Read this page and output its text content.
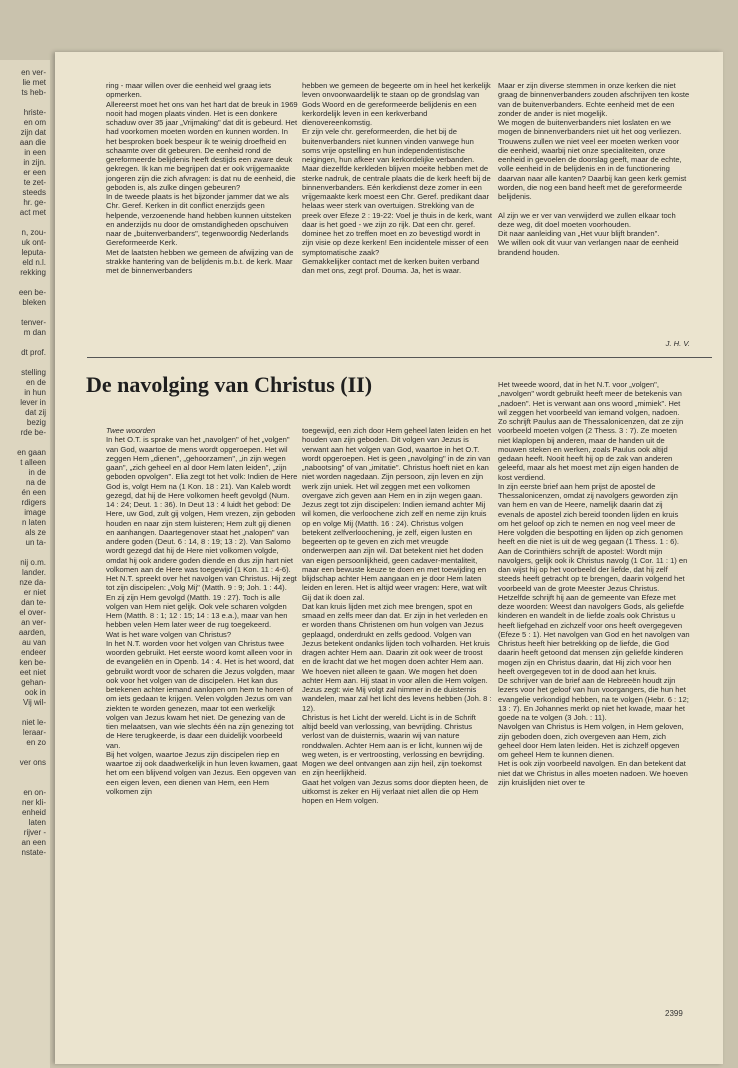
en ver-
lie met
ts heb-
hriste-
en om
zijn dat
aan die
in een
in zijn.
er een
te zet-
steeds
hr. ge-
act met
n, zou-
uk ont-
leputa-
eld n.l.
rekking
een be-
bleken
tenver-
m dan
dt prof.
stelling
en de
in hun
lever in
dat zij
bezig
rde be-
en gaan
t alleen
in de
na de
én een
rdigers
image
n laten
als ze
un ta-
nij o.m.
lander.
nze da-
er niet
dan te-
el over-
an ver-
aarden,
au van
endeer
ken be-
eet niet
gehan-
ook in
Vij wil-
niet le-
leraar-
en zo
ver ons
en on-
ner kli-
enheid
laten
rijver -
an een
nstate-

ring - maar willen over die eenheid wel graag iets opmerken.

Allereerst moet het ons van het hart dat de breuk in 1969 nooit had mogen plaats vinden. Het is een donkere schaduw over 35 jaar „Vrijmaking" dat dit is gebeurd. Het had voorkomen moeten worden en kunnen worden. In het besproken boek bespeur ik te weinig droefheid en schaamte over dit gebeuren. De eenheid rond de gereformeerde belijdenis heeft destijds een zware deuk gekregen. Ik kan me begrijpen dat er ook vrijgemaakte jongeren zijn die zich afvragen: is dat nu de eenheid, die geboden is, als zulke dingen gebeuren?

In de tweede plaats is het bijzonder jammer dat we als Chr. Geref. Kerken in dit conflict enerzijds geen helpende, verzoenende hand hebben kunnen uitsteken en anderzijds nu door de omstandigheden opschuiven naar de „buitenverbanders", tegenwoordig Nederlands Gereformeerde Kerk.

Met de laatsten hebben we gemeen de afwijzing van de strakke hantering van de belijdenis m.b.t. de kerk. Maar met de binnenverbanders

hebben we gemeen de begeerte om in heel het kerkelijk leven onvoorwaardelijk te staan op de grondslag van Gods Woord en de gereformeerde belijdenis en een kerkordelijk leven in een kerkverband dienovereenkomstig.

Er zijn vele chr. gereformeerden, die het bij de buitenverbanders niet kunnen vinden vanwege hun soms vrije opstelling en hun independentistische neigingen, hun afkeer van kerkordelijke verbanden.

Maar diezelfde kerkleden blijven moeite hebben met de sterke nadruk, de centrale plaats die de kerk heeft bij de binnenverbanders. Eén kerkdienst deze zomer in een vrijgemaakte kerk moest een Chr. Geref. predikant daar helaas weer sterk van overtuigen. Strekking van de preek over Efeze 2 : 19-22: Voel je thuis in de kerk, want daar is het goed - we zijn zo rijk. Dat een chr. geref. dominee het zo treffen moet en zo bevestigd wordt in zijn visie op deze kerken! Een incidentele misser of een symptomatische zaak?

Gemakkelijker contact met de kerken buiten verband dan met ons, zegt prof. Douma. Ja, het is waar.

Maar er zijn diverse stemmen in onze kerken die niet graag de binnenverbanders zouden afschrijven ten koste van de buitenverbanders. Echte eenheid met de een zonder de ander is niet mogelijk.

We mogen de buitenverbanders niet loslaten en we mogen de binnenverbanders niet uit het oog verliezen.

Trouwens zullen we niet veel eer moeten werken voor die eenheid, waarbij niet onze specialiteiten, onze eenheid in gevoelen de doorslag geeft, maar de echte, volle eenheid in de belijdenis en in de functionering daarvan naar alle kanten? Daarbij kan geen kerk gemist worden, die nog een band heeft met de gereformeerde belijdenis.

Al zijn we er ver van verwijderd we zullen elkaar toch deze weg, dit doel moeten voorhouden.

Dit naar aanleiding van „Het vuur blijft branden".

We willen ook dit vuur van verlangen naar de eenheid brandend houden.

J. H. V.

De navolging van Christus (II)

Twee woorden

In het O.T. is sprake van het „navolgen" of het „volgen" van God, waartoe de mens wordt opgeroepen. Het wil zeggen Hem „dienen", „gehoorzamen", „in zijn wegen gaan", „zich geheel en al door Hem laten leiden", „zijn geboden opvolgen". Elia zegt tot het volk: Indien de Here God is, volgt Hem na (1 Kon. 18 : 21). Van Kaleb wordt gezegd, dat hij de Here volkomen heeft gevolgd (Num. 14 : 24; Deut. 1 : 36). In Deut 13 : 4 luidt het gebod: De Here, uw God, zult gij volgen, Hem vrezen, zijn geboden houden en naar zijn stem luisteren; Hem zult gij dienen en aanhangen. Daartegenover staat het „nalopen" van andere goden (Deut. 6 : 14, 8 : 19; 13 : 2). Van Salomo wordt gezegd dat hij de Here niet volkomen volgde, omdat hij ook andere goden diende en dus zijn hart niet volkomen aan de Here was toegewijd (1 Kon. 11 : 4-6).

Het N.T. spreekt over het navolgen van Christus. Hij zegt tot zijn discipelen: „Volg Mij" (Matth. 9 : 9; Joh. 1 : 44). En zij zijn Hem gevolgd (Matth. 19 : 27). Toch is alle volgen van Hem niet gelijk. Ook vele scharen volgden Hem (Matth. 8 : 1; 12 : 15; 14 : 13 e.a.), maar van hen hebben velen Hem later weer de rug toegekeerd.

Wat is het ware volgen van Christus?

In het N.T. worden voor het volgen van Christus twee woorden gebruikt. Het eerste woord komt alleen voor in de evangeliën en in Openb. 14 : 4. Het is het woord, dat gebruikt wordt voor de scharen die Jezus volgden, maar ook voor het volgen van de discipelen. Het kan dus betekenen achter iemand aanlopen om hem te horen of om iets gedaan te krijgen. Velen volgden Jezus om van ziekten te worden genezen, maar tot een werkelijk volgen van Jezus kwam het niet. De genezing van de tien melaatsen, van wie slechts één na zijn genezing tot de Here terugkeerde, is daar een duidelijk voorbeeld van.

Bij het volgen, waartoe Jezus zijn discipelen riep en waartoe zij ook daadwerkelijk in hun leven kwamen, gaat het om een blijvend volgen van Jezus. Een opgeven van een eigen leven, een dienen van Hem, een Hem volkomen zijn

toegewijd, een zich door Hem geheel laten leiden en het houden van zijn geboden. Dit volgen van Jezus is verwant aan het volgen van God, waartoe in het O.T. wordt opgeroepen. Het is geen „navolging" in de zin van „nabootsing" of van „imitatie". Christus hoeft niet en kan niet worden nagedaan. Zijn persoon, zijn leven en zijn werk zijn uniek. Het wil zeggen met een volkomen overgave zich geven aan Hem en in zijn wegen gaan.

Jezus zegt tot zijn discipelen: Indien iemand achter Mij wil komen, die verloochene zich zelf en neme zijn kruis op en volge Mij (Matth. 16 : 24). Christus volgen betekent zelfverloochening, je zelf, eigen lusten en begeerten op te geven en zich met vreugde onderwerpen aan zijn wil. Dat betekent niet het doden van eigen persoonlijkheid, geen cadaver-mentaliteit, maar een bewuste keuze te doen en met toewijding en blijdschap achter Hem aangaan en je door Hem laten leiden en leren. Het is altijd weer vragen: Here, wat wilt Gij dat ik doen zal.

Dat kan kruis lijden met zich mee brengen, spot en smaad en zelfs meer dan dat. Er zijn in het verleden en er worden thans Christenen om hun volgen van Jezus geplaagd, onderdrukt en zelfs gedood. Volgen van Jezus betekent ondanks lijden toch volharden. Het kruis dragen achter Hem aan. Daarin zit ook weer de troost en de kracht dat we het mogen doen achter Hem aan. We hoeven niet alleen te gaan. We mogen het doen achter Hem aan. Hij staat in voor allen die Hem volgen. Jezus zegt: wie Mij volgt zal nimmer in de duisternis wandelen, maar zal het licht des levens hebben (Joh. 8 : 12).

Christus is het Licht der wereld. Licht is in de Schrift altijd beeld van verlossing, van bevrijding. Christus verlost van de duisternis, waarin wij van nature ronddwalen. Achter Hem aan is er licht, kunnen wij de weg weten, is er vertroosting, verlossing en bevrijding. Mogen we deel ontvangen aan zijn heil, zijn toekomst en zijn heerlijkheid.

Gaat het volgen van Jezus soms door diepten heen, de uitkomst is zeker en Hij verlaat niet allen die op Hem hopen en Hem volgen.

Het tweede woord, dat in het N.T. voor „volgen", „navolgen" wordt gebruikt heeft meer de betekenis van „nadoen". Het is verwant aan ons woord „mimiek". Het wil zeggen het voorbeeld van iemand volgen, nadoen. Zo schrijft Paulus aan de Thessalonicenzen, dat ze zijn voorbeeld moeten volgen (2 Thess. 3 : 7). Ze moeten niet klaplopen bij anderen, maar de handen uit de mouwen steken en werken, zoals Paulus ook altijd gedaan heeft. Nooit heeft hij op de zak van anderen geleefd, maar als het moest met zijn eigen handen de kost verdiend.

In zijn eerste brief aan hem prijst de apostel de Thessalonicenzen, omdat zij navolgers geworden zijn van hem en van de Heere, namelijk daarin dat zij evenals de apostel zich bereid toonden lijden en kruis om het geloof op zich te nemen en nog veel meer de Here volgden die bespotting en lijden op zich genomen heeft en die niet is uit de weg gegaan (1 Thess. 1 : 6).

Aan de Corinthiërs schrijft de apostel: Wordt mijn navolgers, gelijk ook ik Christus navolg (1 Cor. 11 : 1) en dan wijst hij op het voorbeeld der liefde, dat hij zelf steeds heeft getracht op te brengen, daarin volgend het voorbeeld van de grote Meester Jezus Christus.

Hetzelfde schrijft hij aan de gemeente van Efeze met deze woorden: Weest dan navolgers Gods, als geliefde kinderen en wandelt in de liefde zoals ook Christus u heeft liefgehad en zichzelf voor ons heeft overgegeven (Efeze 5 : 1). Het navolgen van God en het navolgen van Christus heeft hier betrekking op de liefde, die God daarin heeft getoond dat mensen zijn geliefde kinderen mogen zijn en Christus daarin, dat Hij zich voor hen heeft overgegeven tot in de dood aan het kruis.

De schrijver van de brief aan de Hebreeën houdt zijn lezers voor het geloof van hun voorgangers, die hun het evangelie verkondigd hebben, na te volgen (Hebr. 6 : 12; 13 : 7). En Johannes merkt op niet het kwade, maar het goede na te volgen (3 Joh. : 11).

Navolgen van Christus is Hem volgen, in Hem geloven, zijn geboden doen, zich overgeven aan Hem, zich geheel door Hem laten leiden. Het is zichzelf opgeven om geheel Hem te kunnen dienen.

Het is ook zijn voorbeeld navolgen. En dan betekent dat niet dat we Christus in alles moeten nadoen. We hoeven zijn kruislijden niet over te

2399
